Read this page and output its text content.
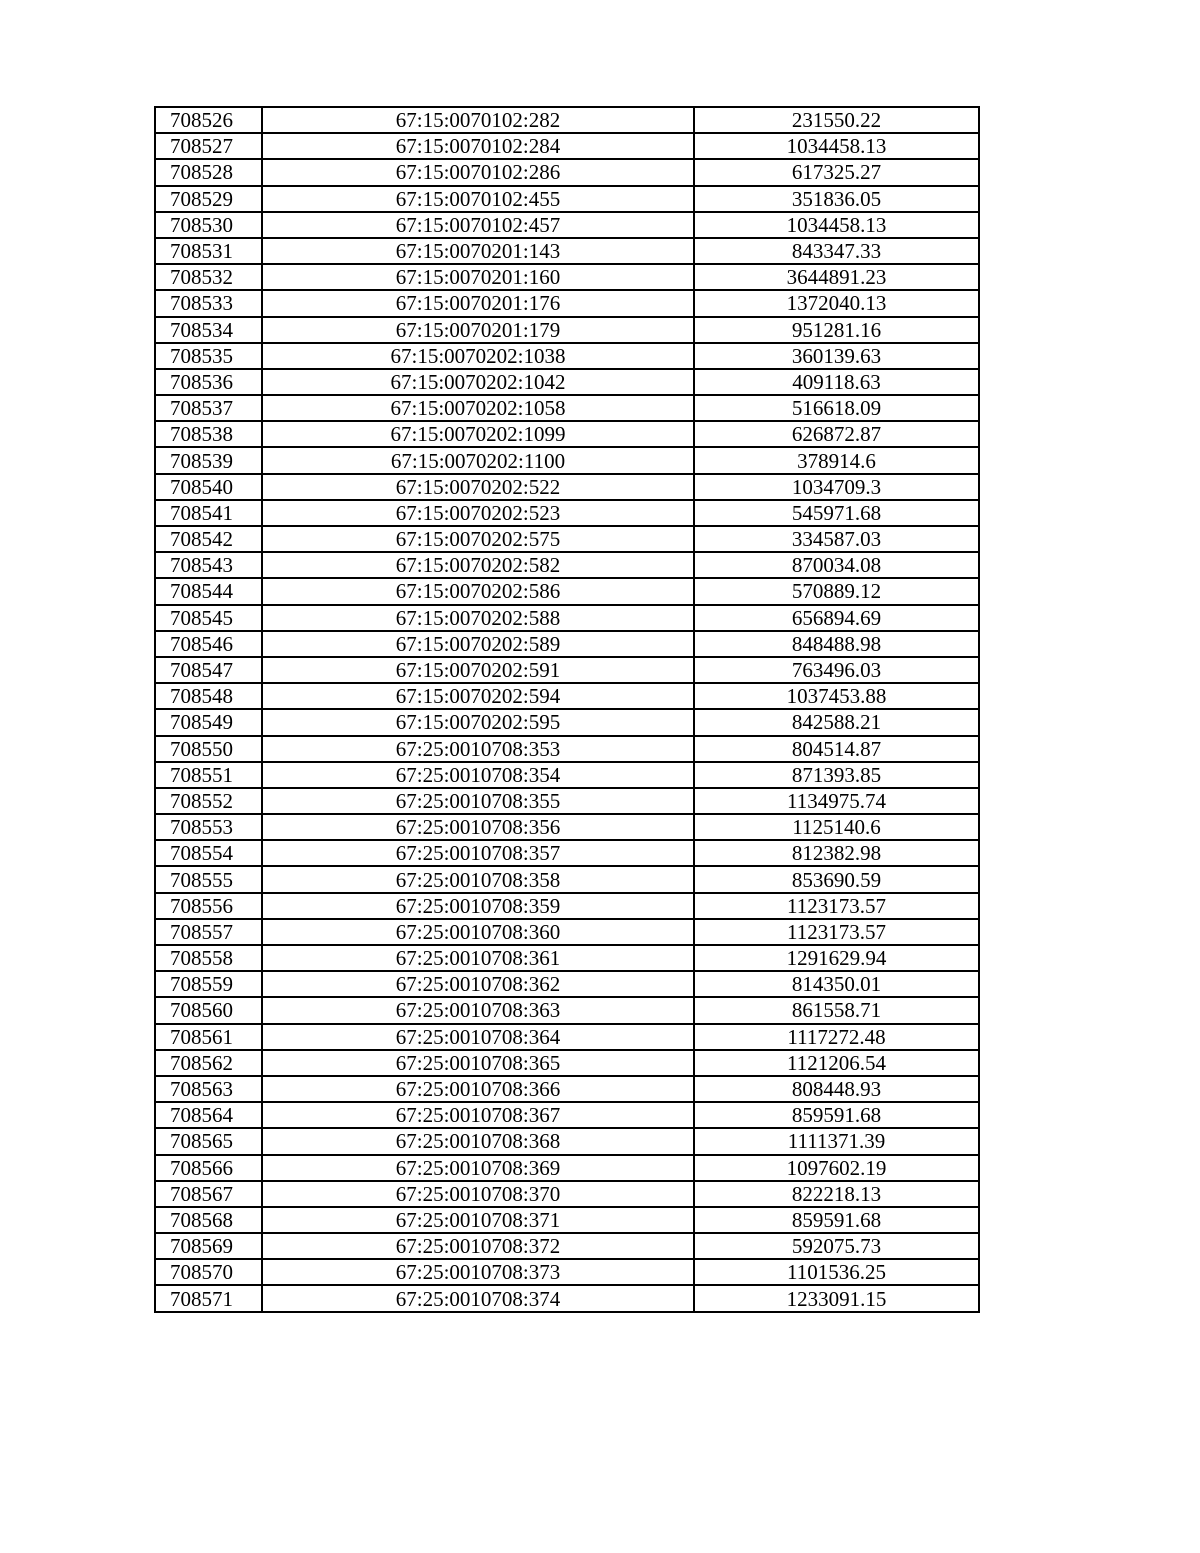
708526	67:15:0070102:282	231550.22
708527	67:15:0070102:284	1034458.13
708528	67:15:0070102:286	617325.27
708529	67:15:0070102:455	351836.05
708530	67:15:0070102:457	1034458.13
708531	67:15:0070201:143	843347.33
708532	67:15:0070201:160	3644891.23
708533	67:15:0070201:176	1372040.13
708534	67:15:0070201:179	951281.16
708535	67:15:0070202:1038	360139.63
708536	67:15:0070202:1042	409118.63
708537	67:15:0070202:1058	516618.09
708538	67:15:0070202:1099	626872.87
708539	67:15:0070202:1100	378914.6
708540	67:15:0070202:522	1034709.3
708541	67:15:0070202:523	545971.68
708542	67:15:0070202:575	334587.03
708543	67:15:0070202:582	870034.08
708544	67:15:0070202:586	570889.12
708545	67:15:0070202:588	656894.69
708546	67:15:0070202:589	848488.98
708547	67:15:0070202:591	763496.03
708548	67:15:0070202:594	1037453.88
708549	67:15:0070202:595	842588.21
708550	67:25:0010708:353	804514.87
708551	67:25:0010708:354	871393.85
708552	67:25:0010708:355	1134975.74
708553	67:25:0010708:356	1125140.6
708554	67:25:0010708:357	812382.98
708555	67:25:0010708:358	853690.59
708556	67:25:0010708:359	1123173.57
708557	67:25:0010708:360	1123173.57
708558	67:25:0010708:361	1291629.94
708559	67:25:0010708:362	814350.01
708560	67:25:0010708:363	861558.71
708561	67:25:0010708:364	1117272.48
708562	67:25:0010708:365	1121206.54
708563	67:25:0010708:366	808448.93
708564	67:25:0010708:367	859591.68
708565	67:25:0010708:368	1111371.39
708566	67:25:0010708:369	1097602.19
708567	67:25:0010708:370	822218.13
708568	67:25:0010708:371	859591.68
708569	67:25:0010708:372	592075.73
708570	67:25:0010708:373	1101536.25
708571	67:25:0010708:374	1233091.15
